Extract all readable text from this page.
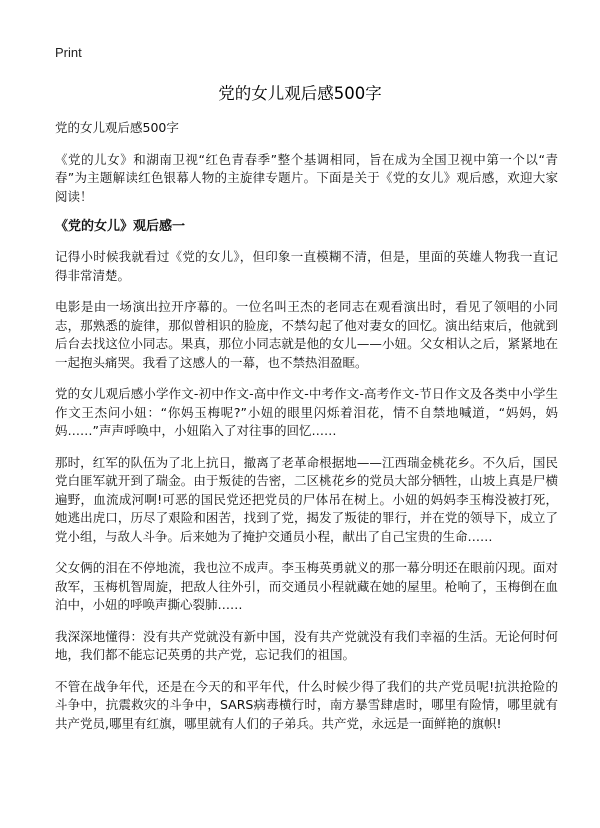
Print
党的女儿观后感500字

党的女儿观后感500字

《党的儿女》和湖南卫视“红色青春季”整个基调相同，旨在成为全国卫视中第一个以“青春”为主题解读红色银幕人物的主旋律专题片。下面是关于《党的女儿》观后感，欢迎大家阅读！

《党的女儿》观后感一

记得小时候我就看过《党的女儿》，但印象一直模糊不清，但是，里面的英雄人物我一直记得非常清楚。

电影是由一场演出拉开序幕的。一位名叫王杰的老同志在观看演出时，看见了领唱的小同志，那熟悉的旋律，那似曾相识的脸庞，不禁勾起了他对妻女的回忆。演出结束后，他就到后台去找这位小同志。果真，那位小同志就是他的女儿——小妞。父女相认之后，紧紧地在一起抱头痛哭。我看了这感人的一幕，也不禁热泪盈眶。

党的女儿观后感小学作文-初中作文-高中作文-中考作文-高考作文-节日作文及各类中小学生作文王杰问小妞：“你妈玉梅呢?”小妞的眼里闪烁着泪花，情不自禁地喊道，“妈妈，妈妈……”声声呼唤中，小妞陷入了对往事的回忆……

那时，红军的队伍为了北上抗日，撤离了老革命根据地——江西瑞金桃花乡。不久后，国民党白匪军就开到了瑞金。由于叛徒的告密，二区桃花乡的党员大部分牺牲，山坡上真是尸横遍野，血流成河啊!可恶的国民党还把党员的尸体吊在树上。小妞的妈妈李玉梅没被打死，她逃出虎口，历尽了艰险和困苦，找到了党，揭发了叛徒的罪行，并在党的领导下，成立了党小组，与敌人斗争。后来她为了掩护交通员小程，献出了自己宝贵的生命……

父女俩的泪在不停地流，我也泣不成声。李玉梅英勇就义的那一幕分明还在眼前闪现。面对敌军，玉梅机智周旋，把敌人往外引，而交通员小程就藏在她的屋里。枪响了，玉梅倒在血泊中，小妞的呼唤声撕心裂肺……

我深深地懂得：没有共产党就没有新中国，没有共产党就没有我们幸福的生活。无论何时何地，我们都不能忘记英勇的共产党，忘记我们的祖国。

不管在战争年代，还是在今天的和平年代，什么时候少得了我们的共产党员呢!抗洪抢险的斗争中，抗震救灾的斗争中，SARS病毒横行时，南方暴雪肆虐时，哪里有险情，哪里就有共产党员,哪里有红旗，哪里就有人们的子弟兵。共产党，永远是一面鲜艳的旗帜!
